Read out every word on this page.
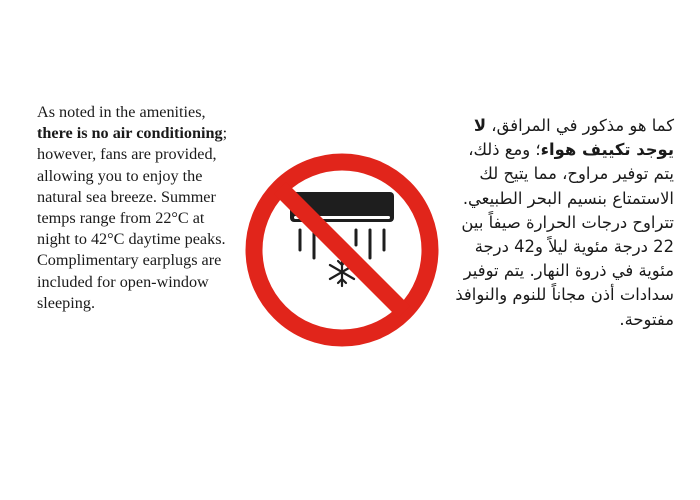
As noted in the amenities, there is no air conditioning; however, fans are provided, allowing you to enjoy the natural sea breeze. Summer temps range from 22°C at night to 42°C daytime peaks. Complimentary earplugs are included for open-window sleeping.
كما هو مذكور في المرافق، لا يوجد تكييف هواء؛ ومع ذلك، يتم توفير مراوح، مما يتيح لك الاستمتاع بنسيم البحر الطبيعي. تتراوح درجات الحرارة صيفاً بين 22 درجة مئوية ليلاً و42 درجة مئوية في ذروة النهار. يتم توفير سدادات أذن مجاناً للنوم والنوافذ مفتوحة.
